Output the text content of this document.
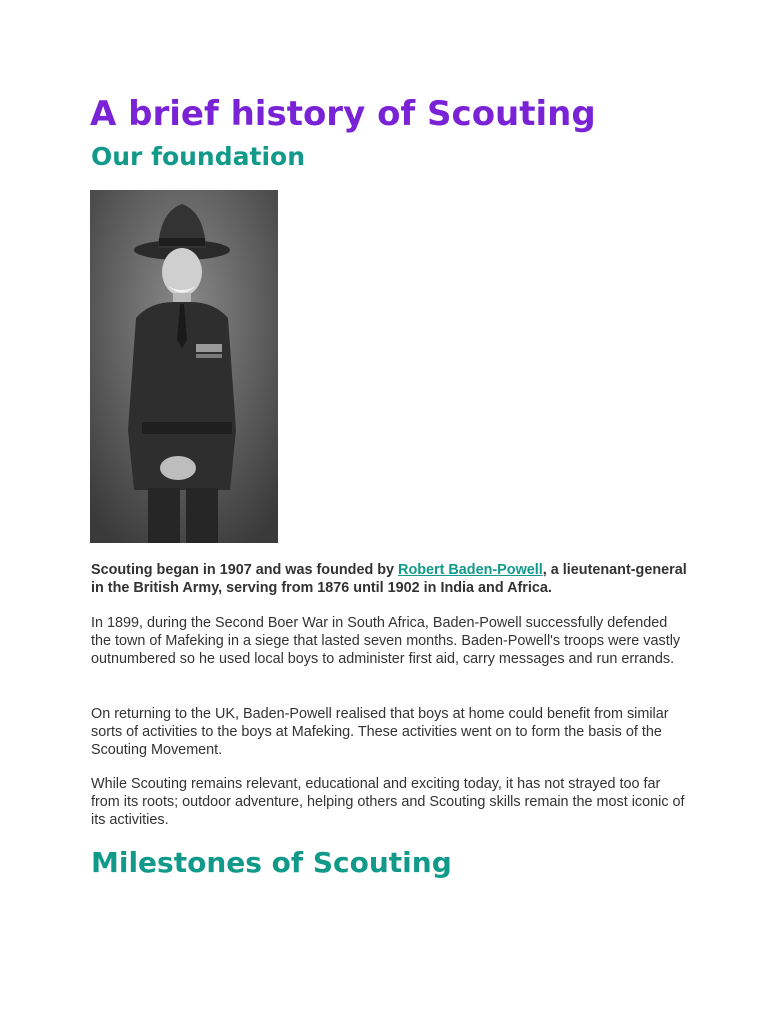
A brief history of Scouting
Our foundation

Scouting began in 1907 and was founded by Robert Baden-Powell, a lieutenant-general in the British Army, serving from 1876 until 1902 in India and Africa.

In 1899, during the Second Boer War in South Africa, Baden-Powell successfully defended the town of Mafeking in a siege that lasted seven months. Baden-Powell's troops were vastly outnumbered so he used local boys to administer first aid, carry messages and run errands.

On returning to the UK, Baden-Powell realised that boys at home could benefit from similar sorts of activities to the boys at Mafeking. These activities went on to form the basis of the Scouting Movement.

While Scouting remains relevant, educational and exciting today, it has not strayed too far from its roots; outdoor adventure, helping others and Scouting skills remain the most iconic of its activities.

Milestones of Scouting
